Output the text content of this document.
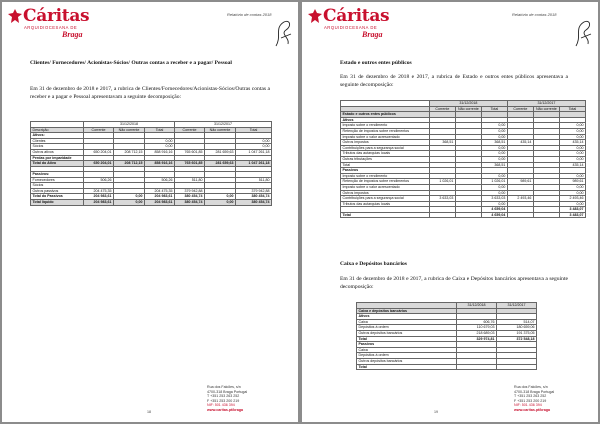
Cáritas
ARQUIDIOCESANA DE
Braga
Relatório de contas 2018
Clientes/ Fornecedores/ Acionistas-Sócios/ Outras contas a receber e a pagar/ Pessoal
Em 31 de dezembro de 2018 e 2017, a rubrica de Clientes/Fornecedores/Acionistas-Sócios/Outras contas a receber e a pagar e Pessoal apresentavam a seguinte decomposição:
	31/12/2018			31/12/2017		
Descrição	Corrente	Não corrente	Total	Corrente	Não corrente	Total
Ativos:						
Clientes			0,00			0,00
Sócios			0,00			0,00
Outros ativos	650 204,01	208 712,15	858 916,16	765 601,85	281 659,63	1 047 261,18
Perdas por imparidade						
Total do Ativo	650 204,01	208 712,15	858 916,16	765 601,85	281 659,63	1 047 261,18

Passivos:						
Fornecedores	506,26		506,26	511,80		511,80
Sócios						
Outros passivos	204 475,35		204 475,35	379 942,88		379 942,88
Total do Passivos	204 983,61	0,00	204 983,61	380 454,74	0,00	380 454,74
Total líquido	204 983,61	0,00	204 983,61	380 454,74	0,00	380 454,74
Rua dos Falcões, s/n
4700-318 Braga Portugal
T +351 253 263 252
F +351 253 200 219
NIF: 501 436 394
www.caritas.pt/braga
18
Cáritas
ARQUIDIOCESANA DE
Braga
Relatório de contas 2018
Estado e outros entes públicos
Em 31 de dezembro de 2018 e 2017, a rubrica de Estado e outros entes públicos apresentava a seguinte decomposição:
	31/12/2018			31/12/2017		
	Corrente	Não corrente	Total	Corrente	Não corrente	Total
Estado e outros entes públicos						
Ativos						
Imposto sobre o rendimento			0,00			0,00
Retenção de impostos sobre rendimentos			0,00			0,00
Imposto sobre o valor acrescentado			0,00			0,00
Outros impostos	368,51		368,51	435,14		435,14
Contribuições para a segurança social			0,00			0,00
Tributos das autarquias locais			0,00			0,00
Outras tributações			0,00			0,00
Total			368,51			435,14
Passivos						
Imposto sobre o rendimento			0,00			0,00
Retenção de impostos sobre rendimentos	1 026,01		1 026,01	989,61		989,61
Imposto sobre o valor acrescentado			0,00			0,00
Outros impostos			0,00			0,00
Contribuições para a segurança social	3 633,03		3 633,03	2 493,46		2 493,46
Tributos das autarquias locais			0,00			0,00
			4 659,04			3 483,07
Total			4 659,04			3 483,07
Caixa e Depósitos bancários
Em 31 de dezembro de 2018 e 2017, a rubrica de Caixa e Depósitos bancários apresentava a seguinte decomposição:
	31/12/2018	31/12/2017
Caixa e depósitos bancários		
Ativos		
Caixa	606,76	514,07
Depósitos à ordem	110 679,03	180 659,06
Outros depósitos bancários	218 689,03	191 375,05
Total	329 974,81	372 548,18
Passivos		
Caixa		
Depósitos à ordem		
Outros depósitos bancários		
Total		
Rua dos Falcões, s/n
4700-318 Braga Portugal
T +351 253 263 252
F +351 253 200 219
NIF: 501 436 394
www.caritas.pt/braga
19
